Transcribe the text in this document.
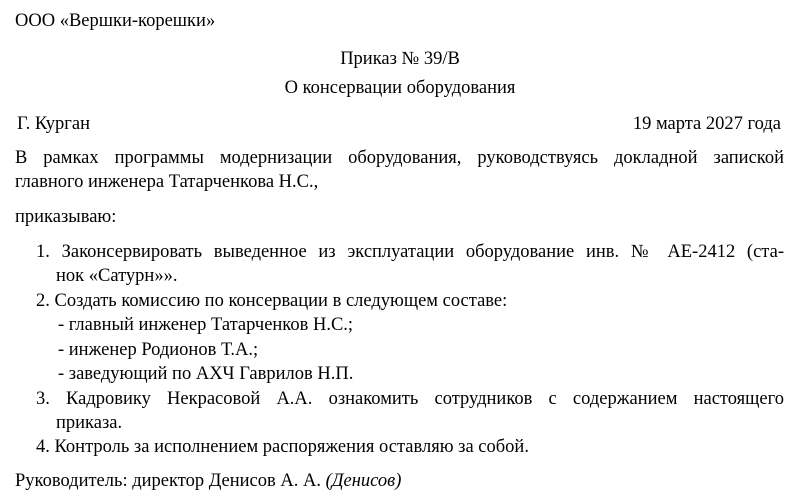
ООО «Вершки-корешки»
Приказ № 39/В
О консервации оборудования
Г. Курган	19 марта 2027 года
В рамках программы модернизации оборудования, руководствуясь докладной запиской
главного инженера Татарченкова Н.С.,
приказываю:
1. Законсервировать выведенное из эксплуатации оборудование инв. № АЕ-2412 (ста-
нок «Сатурн»».
2. Создать комиссию по консервации в следующем составе:
- главный инженер Татарченков Н.С.;
- инженер Родионов Т.А.;
- заведующий по АХЧ Гаврилов Н.П.
3. Кадровику Некрасовой А.А. ознакомить сотрудников с содержанием настоящего
приказа.
4. Контроль за исполнением распоряжения оставляю за собой.
Руководитель: директор Денисов А. А. (Денисов)
